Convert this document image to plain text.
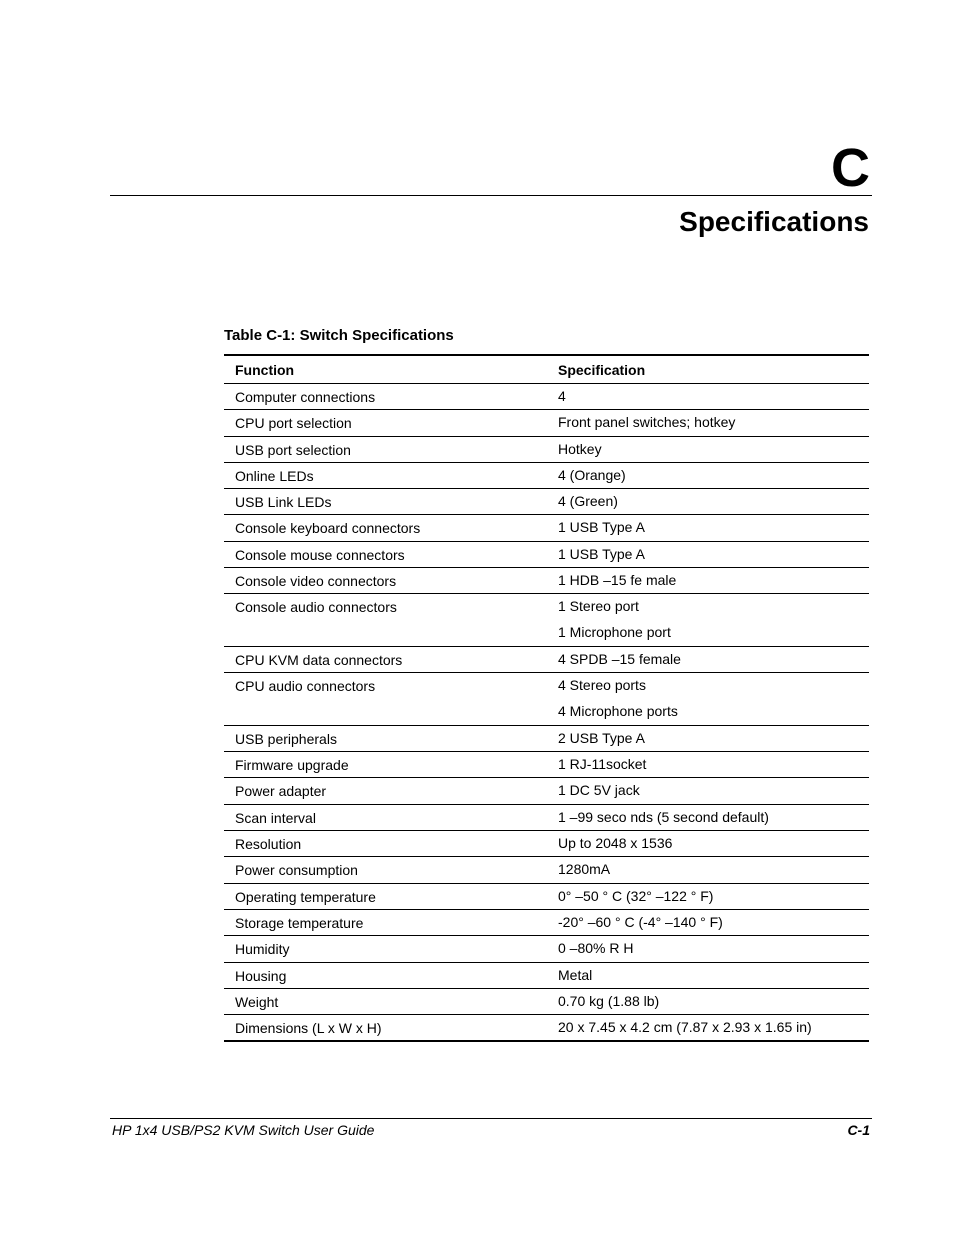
C
Specifications
Table C-1: Switch Specifications
Function	Specification
Computer connections	4

CPU port selection	Front panel switches; hotkey

USB port selection	Hotkey

Online LEDs	4 (Orange)

USB Link LEDs	4 (Green)

Console keyboard connectors	1 USB Type A

Console mouse connectors	1 USB Type A

Console video connectors	1 HDB –15 fe male

Console audio connectors	1 Stereo port
1 Microphone port

CPU KVM data connectors	4 SPDB –15 female

CPU audio connectors	4 Stereo ports
4 Microphone ports

USB peripherals	2 USB Type A

Firmware upgrade	1 RJ-11socket

Power adapter	1 DC 5V jack

Scan interval	1 –99 seco nds (5 second default)

Resolution	Up to 2048 x 1536

Power consumption	1280mA

Operating temperature	0° –50 ° C (32° –122 ° F)

Storage temperature	-20° –60 ° C (-4° –140 ° F)

Humidity	0 –80% R H

Housing	Metal

Weight	0.70 kg (1.88 lb)

Dimensions (L x W x H)	20 x 7.45 x 4.2 cm (7.87 x 2.93 x 1.65 in)
HP 1x4 USB/PS2 KVM Switch User Guide	C-1
